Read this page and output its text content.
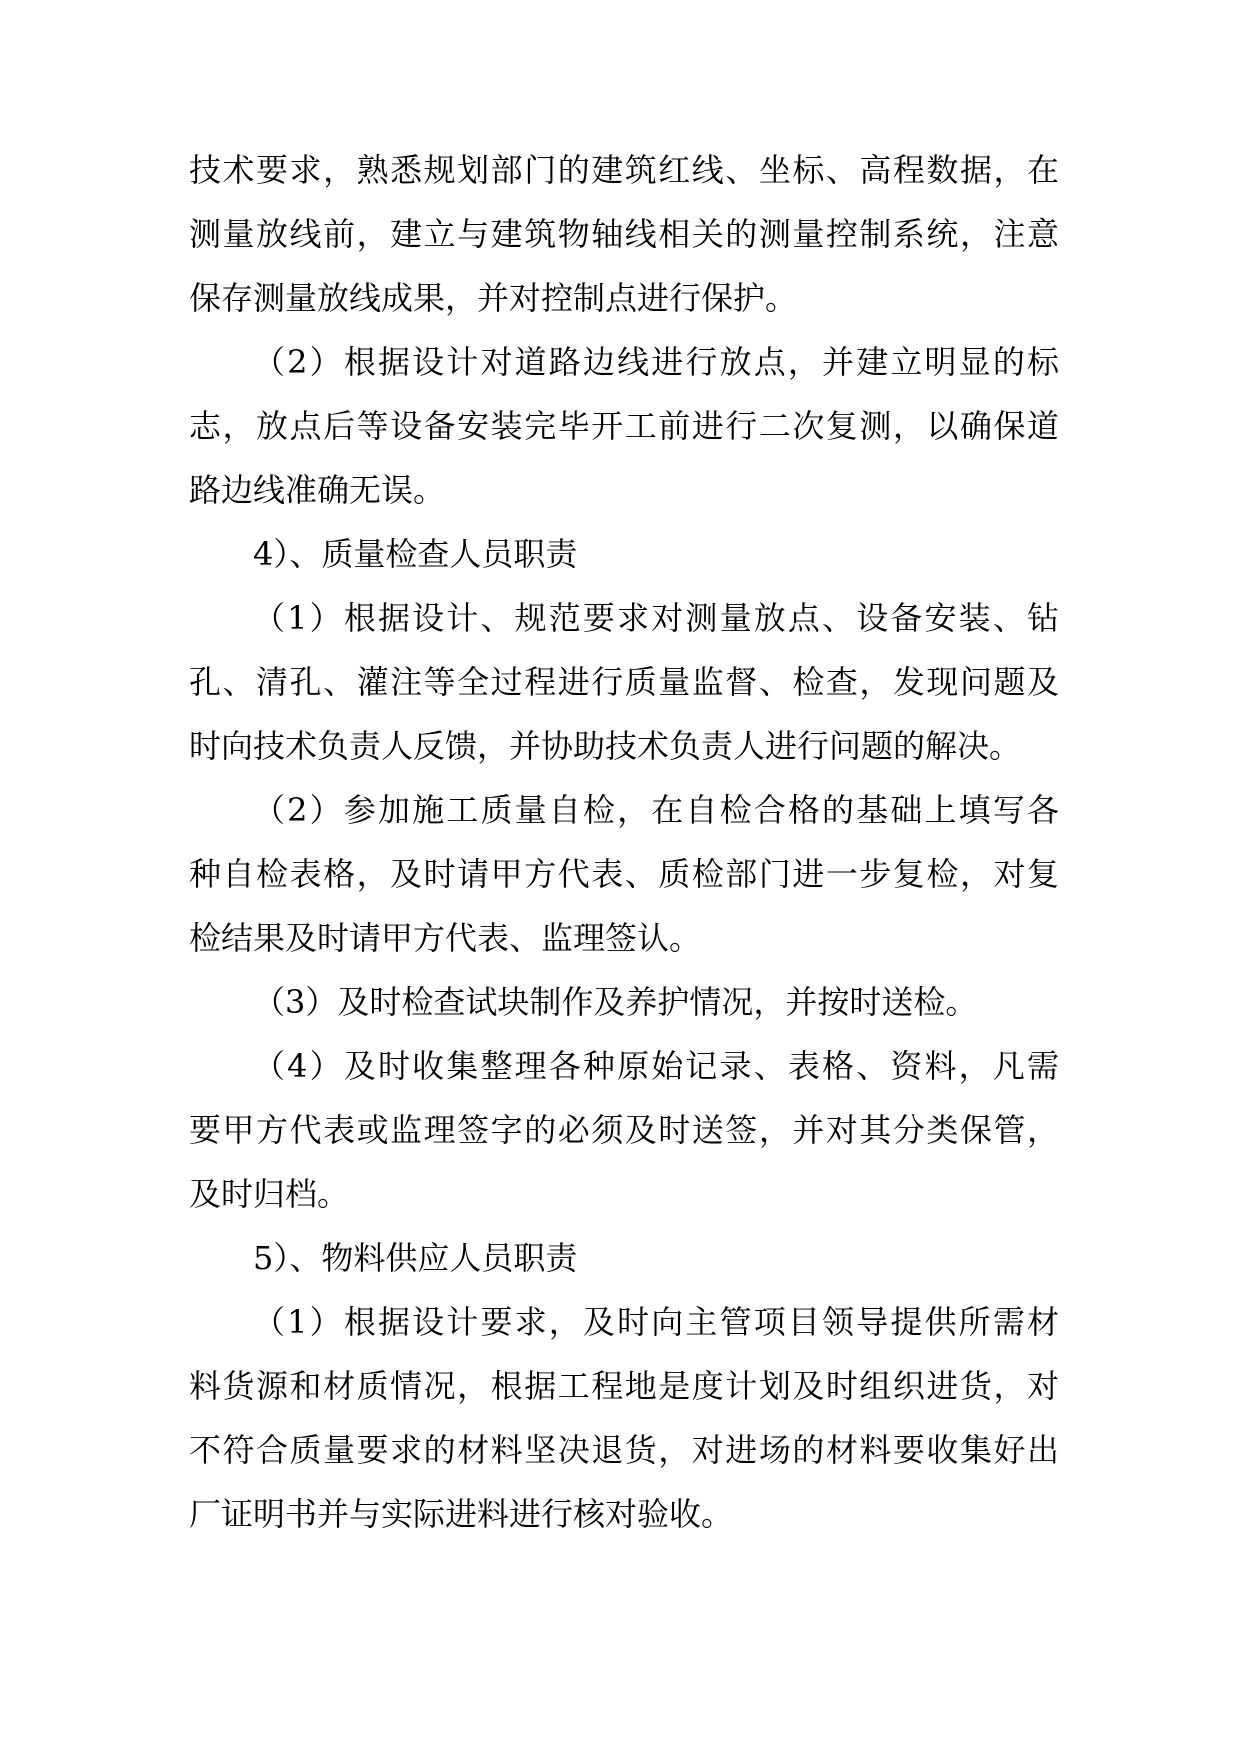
技术要求，熟悉规划部门的建筑红线、坐标、高程数据，在
测量放线前，建立与建筑物轴线相关的测量控制系统，注意
保存测量放线成果，并对控制点进行保护。
（2）根据设计对道路边线进行放点，并建立明显的标
志，放点后等设备安装完毕开工前进行二次复测，以确保道
路边线准确无误。
4）、质量检查人员职责
（1）根据设计、规范要求对测量放点、设备安装、钻
孔、清孔、灌注等全过程进行质量监督、检查，发现问题及
时向技术负责人反馈，并协助技术负责人进行问题的解决。
（2）参加施工质量自检，在自检合格的基础上填写各
种自检表格，及时请甲方代表、质检部门进一步复检，对复
检结果及时请甲方代表、监理签认。
（3）及时检查试块制作及养护情况，并按时送检。
（4）及时收集整理各种原始记录、表格、资料，凡需
要甲方代表或监理签字的必须及时送签，并对其分类保管，
及时归档。
5）、物料供应人员职责
（1）根据设计要求，及时向主管项目领导提供所需材
料货源和材质情况，根据工程地是度计划及时组织进货，对
不符合质量要求的材料坚决退货，对进场的材料要收集好出
厂证明书并与实际进料进行核对验收。
